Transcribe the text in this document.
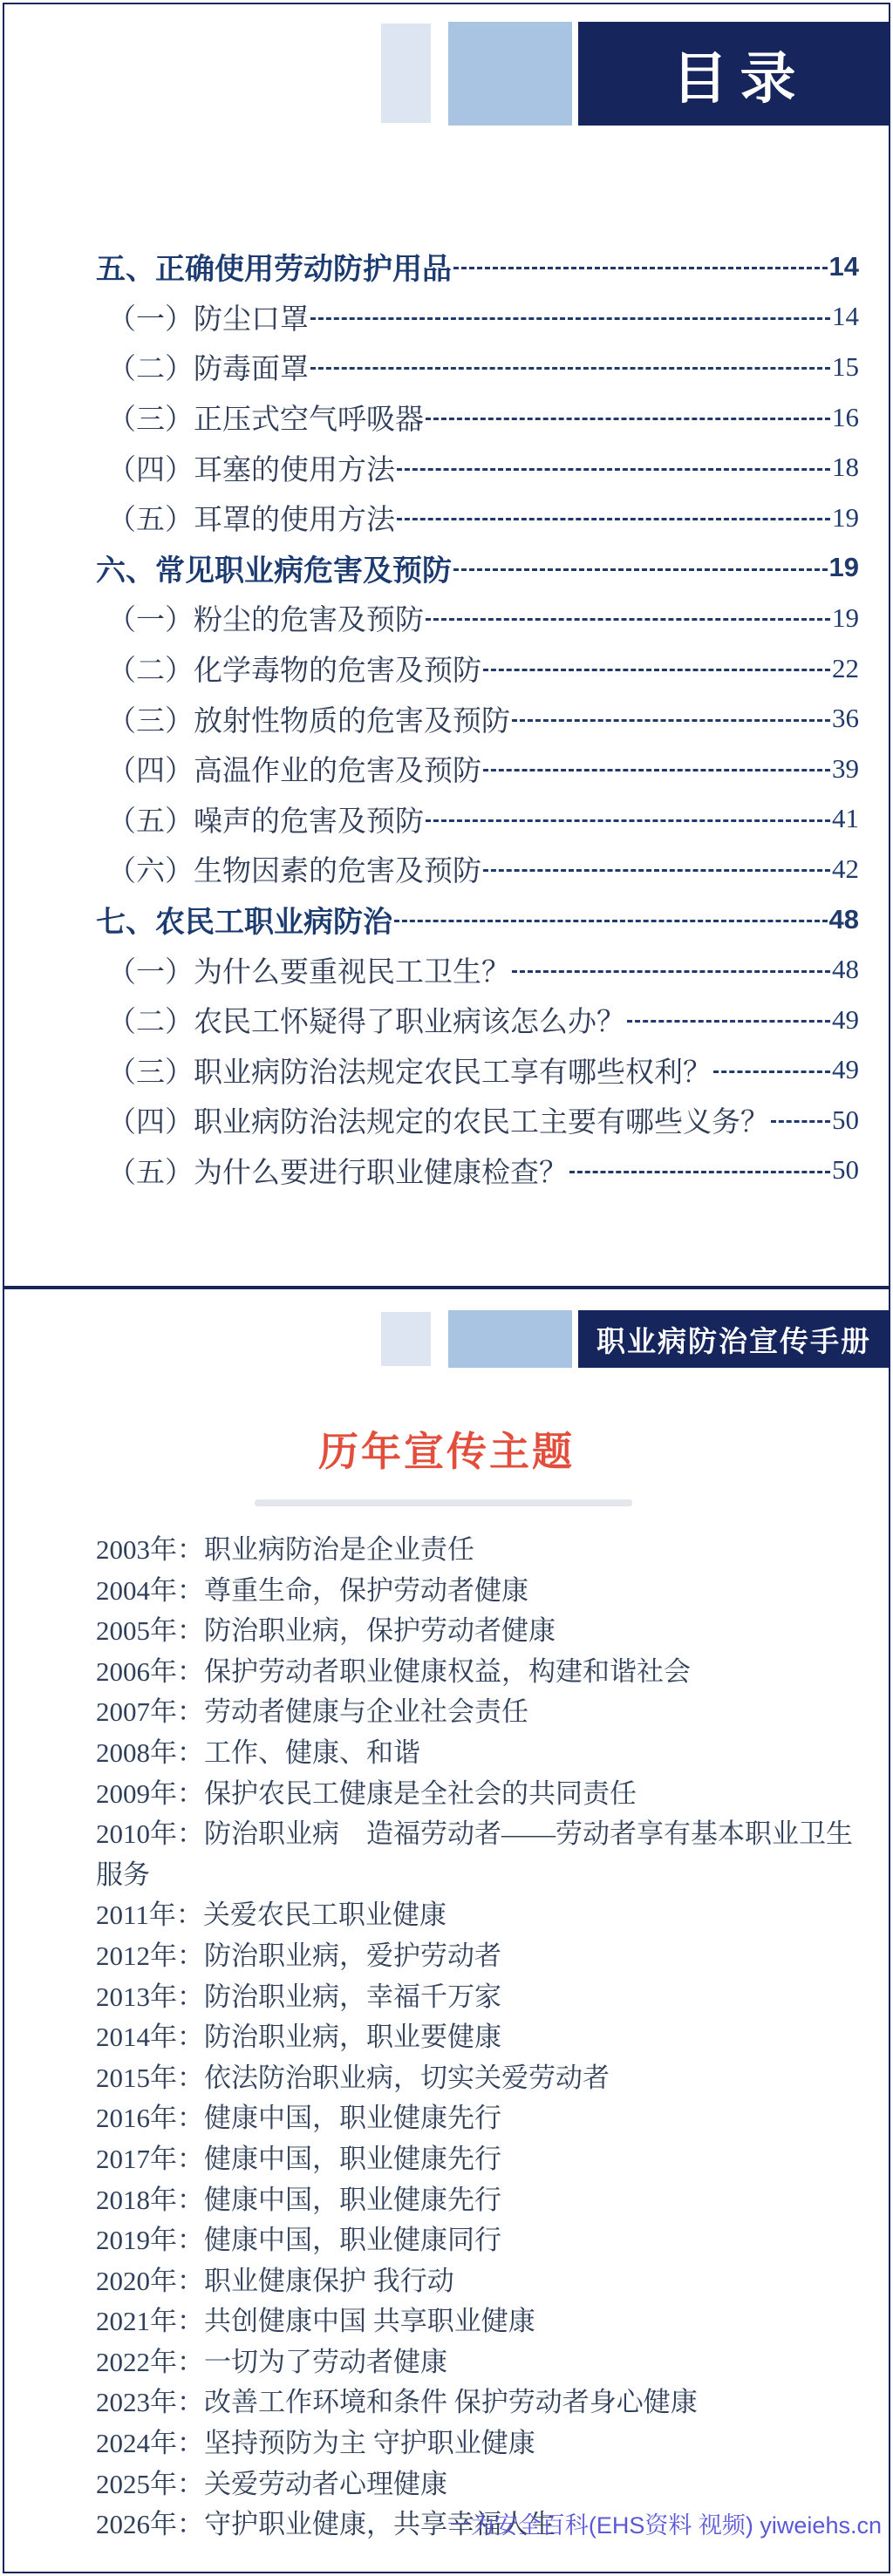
目录
五、正确使用劳动防护用品	14
（一）防尘口罩	14
（二）防毒面罩	15
（三）正压式空气呼吸器	16
（四）耳塞的使用方法	18
（五）耳罩的使用方法	19
六、常见职业病危害及预防	19
（一）粉尘的危害及预防	19
（二）化学毒物的危害及预防	22
（三）放射性物质的危害及预防	36
（四）高温作业的危害及预防	39
（五）噪声的危害及预防	41
（六）生物因素的危害及预防	42
七、农民工职业病防治	48
（一）为什么要重视民工卫生？	48
（二）农民工怀疑得了职业病该怎么办？	49
（三）职业病防治法规定农民工享有哪些权利？	49
（四）职业病防治法规定的农民工主要有哪些义务？ 50
（五）为什么要进行职业健康检查？	50
职业病防治宣传手册
历年宣传主题

2003年：职业病防治是企业责任

2004年：尊重生命，保护劳动者健康

2005年：防治职业病，保护劳动者健康

2006年：保护劳动者职业健康权益，构建和谐社会

2007年：劳动者健康与企业社会责任

2008年：工作、健康、和谐

2009年：保护农民工健康是全社会的共同责任

2010年：防治职业病　造福劳动者——劳动者享有基本职业卫生服务

2011年：关爱农民工职业健康

2012年：防治职业病，爱护劳动者

2013年：防治职业病，幸福千万家

2014年：防治职业病，职业要健康

2015年：依法防治职业病，切实关爱劳动者

2016年：健康中国，职业健康先行

2017年：健康中国，职业健康先行

2018年：健康中国，职业健康先行

2019年：健康中国，职业健康同行

2020年：职业健康保护 我行动

2021年：共创健康中国 共享职业健康

2022年：一切为了劳动者健康

2023年：改善工作环境和条件 保护劳动者身心健康

2024年：坚持预防为主 守护职业健康

2025年：关爱劳动者心理健康

2026年：守护职业健康，共享幸福人生

一为安全百科(EHS资料 视频) yiweiehs.cn
